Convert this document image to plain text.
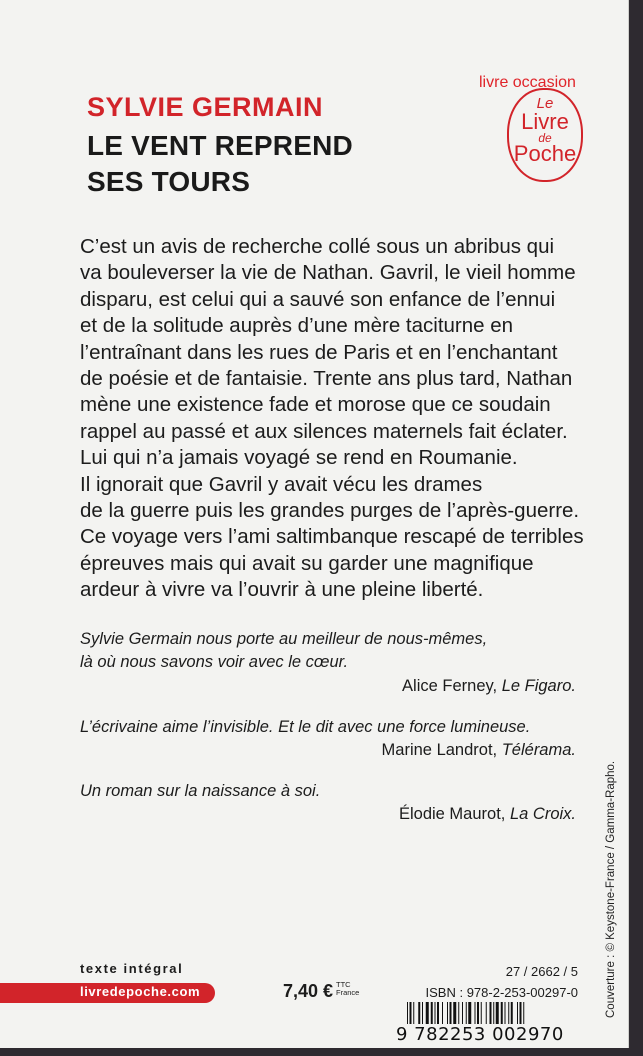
SYLVIE GERMAIN
LE VENT REPREND
SES TOURS
Le
Livre
de
Poche
livre occasion

C’est un avis de recherche collé sous un abribus qui
va bouleverser la vie de Nathan. Gavril, le vieil homme
disparu, est celui qui a sauvé son enfance de l’ennui
et de la solitude auprès d’une mère taciturne en
l’entraînant dans les rues de Paris et en l’enchantant
de poésie et de fantaisie. Trente ans plus tard, Nathan
mène une existence fade et morose que ce soudain
rappel au passé et aux silences maternels fait éclater.
Lui qui n’a jamais voyagé se rend en Roumanie.
Il ignorait que Gavril y avait vécu les drames
de la guerre puis les grandes purges de l’après-guerre.
Ce voyage vers l’ami saltimbanque rescapé de terribles
épreuves mais qui avait su garder une magnifique
ardeur à vivre va l’ouvrir à une pleine liberté.

Sylvie Germain nous porte au meilleur de nous-mêmes,
là où nous savons voir avec le cœur.
Alice Ferney, Le Figaro.
L’écrivaine aime l’invisible. Et le dit avec une force lumineuse.
Marine Landrot, Télérama.
Un roman sur la naissance à soi.
Élodie Maurot, La Croix.
texte intégral
livredepoche.com	7,40 € TTC
France
27 / 2662 / 5
ISBN : 978-2-253-00297-0
9 782253 002970
Couverture : © Keystone-France / Gamma-Rapho.
